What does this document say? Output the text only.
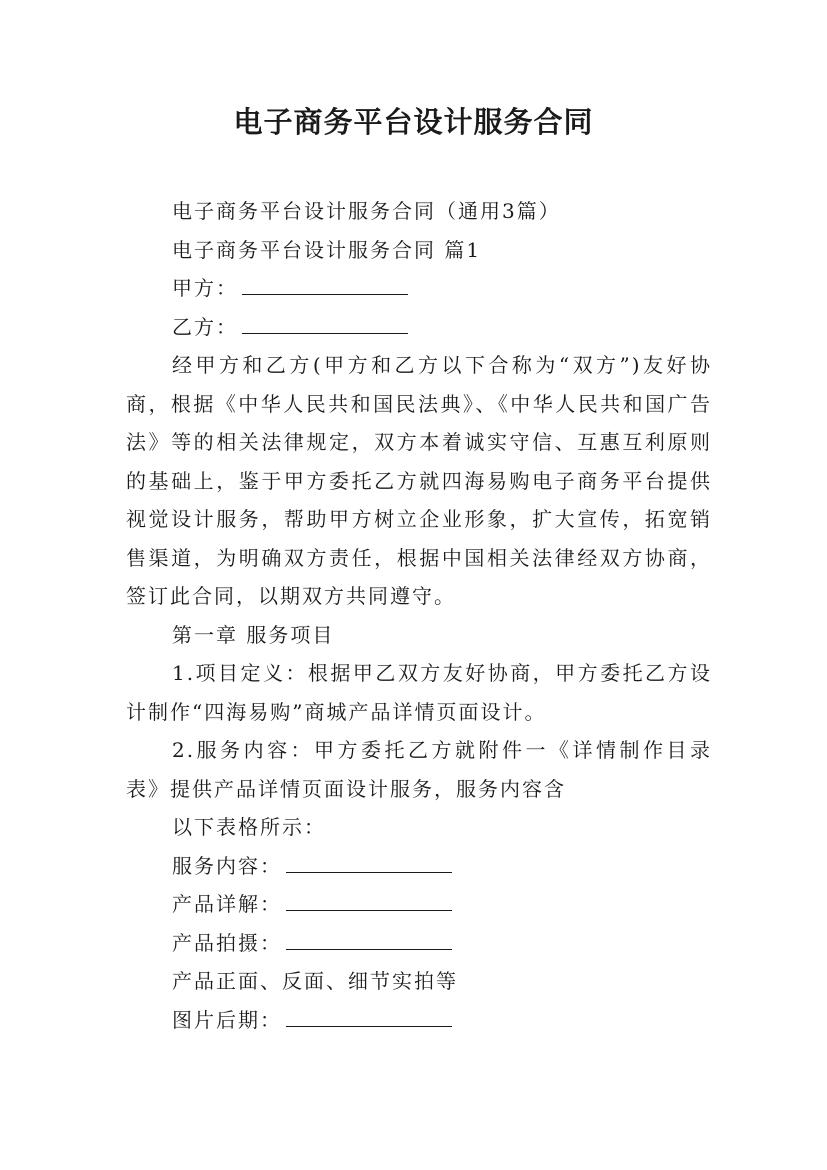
电子商务平台设计服务合同

电子商务平台设计服务合同（通用3篇）

电子商务平台设计服务合同 篇1

甲方：

乙方：

经甲方和乙方(甲方和乙方以下合称为“双方”)友好协商，根据《中华人民共和国民法典》、《中华人民共和国广告法》等的相关法律规定，双方本着诚实守信、互惠互利原则的基础上，鉴于甲方委托乙方就四海易购电子商务平台提供视觉设计服务，帮助甲方树立企业形象，扩大宣传，拓宽销售渠道，为明确双方责任，根据中国相关法律经双方协商，签订此合同，以期双方共同遵守。

第一章 服务项目

1.项目定义：根据甲乙双方友好协商，甲方委托乙方设计制作“四海易购”商城产品详情页面设计。

2.服务内容：甲方委托乙方就附件一《详情制作目录表》提供产品详情页面设计服务，服务内容含

以下表格所示：

服务内容：

产品详解：

产品拍摄：

产品正面、反面、细节实拍等

图片后期：
